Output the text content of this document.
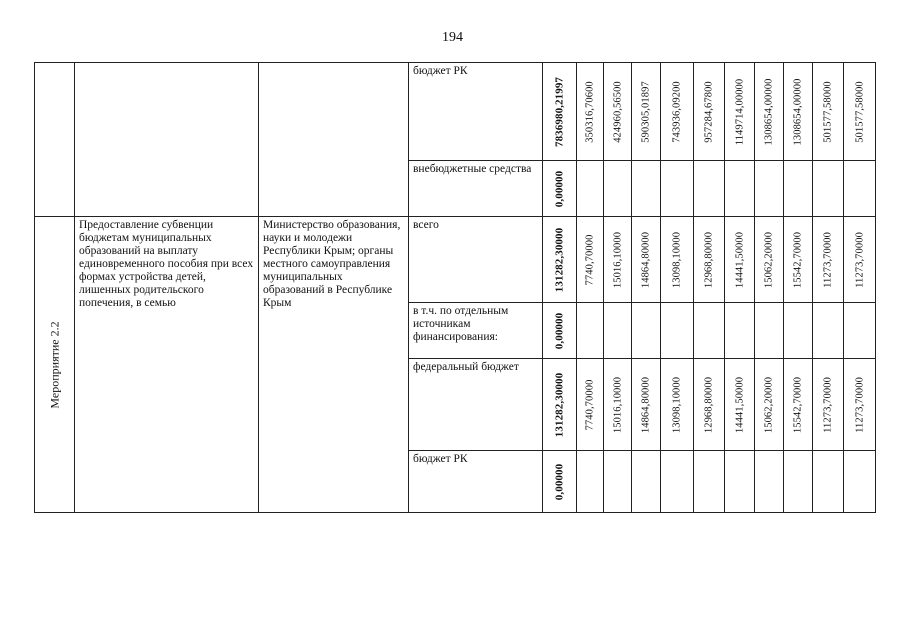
194

			бюджет РК	7836980,21997	350316,70600	424960,56500	590305,01897	743936,09200	957284,67800	1149714,00000	1308654,00000	1308654,00000	501577,58000	501577,58000

			внебюджетные средства	0,00000										

Мероприятие 2.2	Предоставление субвенции бюджетам муниципальных образований на выплату единовременного пособия при всех формах устройства детей, лишенных родительского попечения, в семью	Министерство образования, науки и молодежи Республики Крым; органы местного самоуправления муниципальных образований в Республике Крым	всего	131282,30000	7740,70000	15016,10000	14864,80000	13098,10000	12968,80000	14441,50000	15062,20000	15542,70000	11273,70000	11273,70000

			в т.ч. по отдельным источникам финансирования:	0,00000										

			федеральный бюджет	131282,30000	7740,70000	15016,10000	14864,80000	13098,10000	12968,80000	14441,50000	15062,20000	15542,70000	11273,70000	11273,70000

			бюджет РК	0,00000										
